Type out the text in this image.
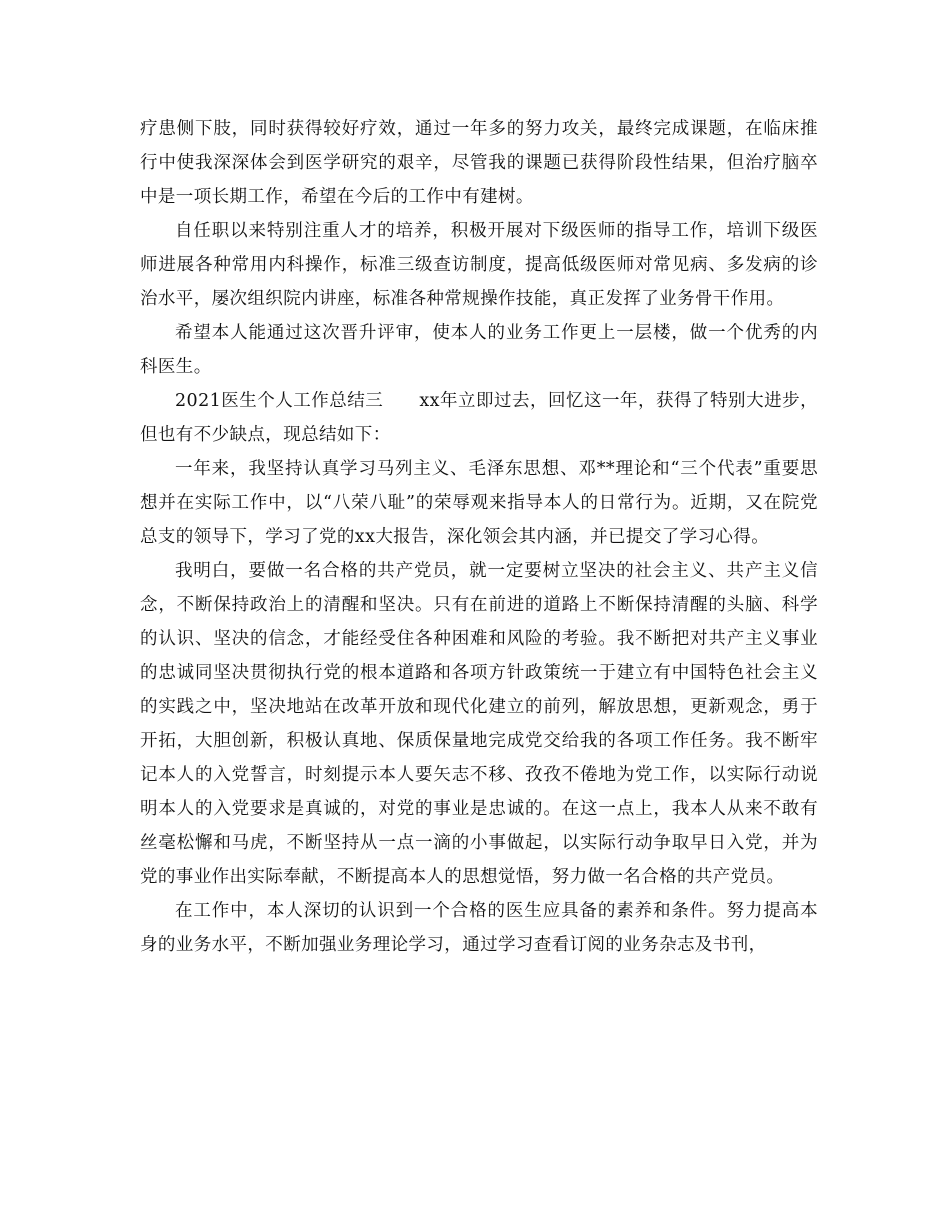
疗患侧下肢，同时获得较好疗效，通过一年多的努力攻关，最终完成课题，在临床推行中使我深深体会到医学研究的艰辛，尽管我的课题已获得阶段性结果，但治疗脑卒中是一项长期工作，希望在今后的工作中有建树。

自任职以来特别注重人才的培养，积极开展对下级医师的指导工作，培训下级医师进展各种常用内科操作，标准三级查访制度，提高低级医师对常见病、多发病的诊治水平，屡次组织院内讲座，标准各种常规操作技能，真正发挥了业务骨干作用。

希望本人能通过这次晋升评审，使本人的业务工作更上一层楼，做一个优秀的内科医生。

2021医生个人工作总结三　　xx年立即过去，回忆这一年，获得了特别大进步，但也有不少缺点，现总结如下：

一年来，我坚持认真学习马列主义、毛泽东思想、邓**理论和“三个代表”重要思想并在实际工作中，以“八荣八耻”的荣辱观来指导本人的日常行为。近期，又在院党总支的领导下，学习了党的xx大报告，深化领会其内涵，并已提交了学习心得。

我明白，要做一名合格的共产党员，就一定要树立坚决的社会主义、共产主义信念，不断保持政治上的清醒和坚决。只有在前进的道路上不断保持清醒的头脑、科学的认识、坚决的信念，才能经受住各种困难和风险的考验。我不断把对共产主义事业的忠诚同坚决贯彻执行党的根本道路和各项方针政策统一于建立有中国特色社会主义的实践之中，坚决地站在改革开放和现代化建立的前列，解放思想，更新观念，勇于开拓，大胆创新，积极认真地、保质保量地完成党交给我的各项工作任务。我不断牢记本人的入党誓言，时刻提示本人要矢志不移、孜孜不倦地为党工作，以实际行动说明本人的入党要求是真诚的，对党的事业是忠诚的。在这一点上，我本人从来不敢有丝毫松懈和马虎，不断坚持从一点一滴的小事做起，以实际行动争取早日入党，并为党的事业作出实际奉献，不断提高本人的思想觉悟，努力做一名合格的共产党员。

在工作中，本人深切的认识到一个合格的医生应具备的素养和条件。努力提高本身的业务水平，不断加强业务理论学习，通过学习查看订阅的业务杂志及书刊，
